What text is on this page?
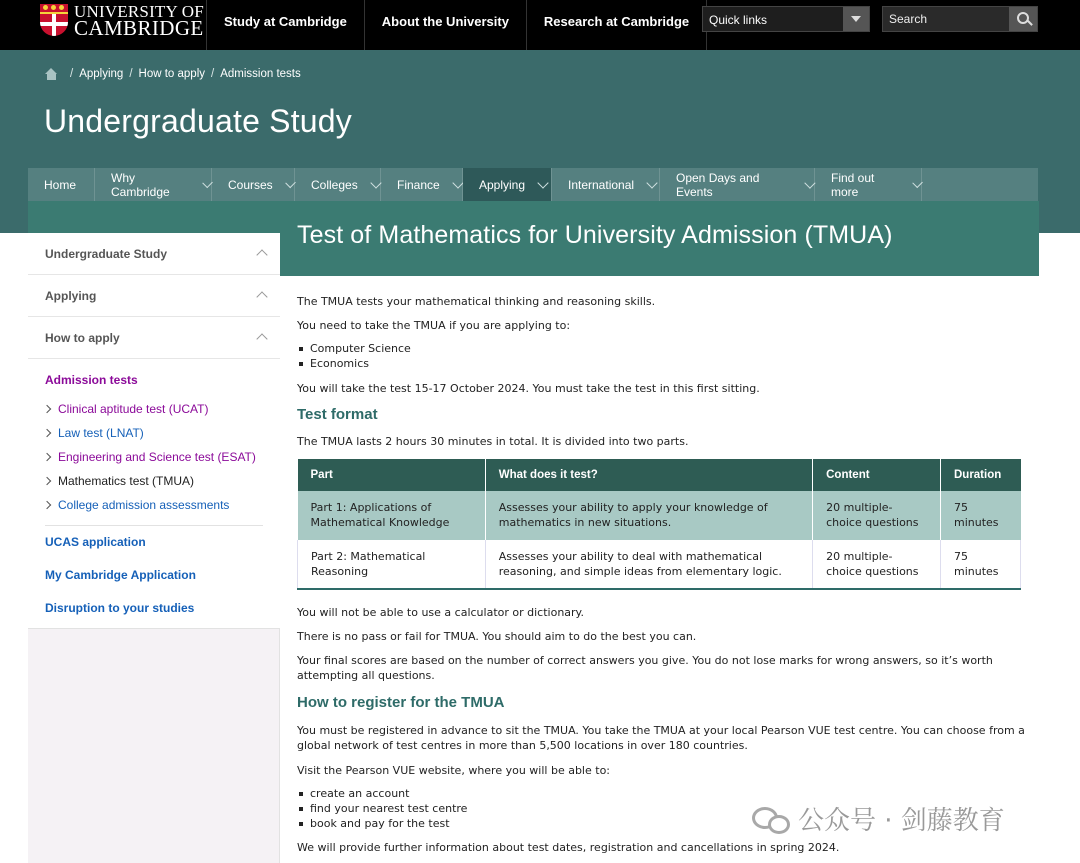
UNIVERSITY OF
CAMBRIDGE	Study at Cambridge	About the University	Research at Cambridge	Quick links
Search
/ Applying / How to apply / Admission tests
Undergraduate Study
Home	Why Cambridge	Courses	Colleges	Finance	Applying	International	Open Days and Events
Find out more
Undergraduate Study
Applying
How to apply
Admission tests
Clinical aptitude test (UCAT)
Law test (LNAT)
Engineering and Science test (ESAT)
Mathematics test (TMUA)
College admission assessments
UCAS application
My Cambridge Application
Disruption to your studies
Test of Mathematics for University Admission (TMUA)
The TMUA tests your mathematical thinking and reasoning skills.
You need to take the TMUA if you are applying to:
Computer Science
Economics
You will take the test 15-17 October 2024. You must take the test in this first sitting.
Test format
The TMUA lasts 2 hours 30 minutes in total. It is divided into two parts.
Part	What does it test?	Content	Duration
Part 1: Applications of Mathematical Knowledge	Assesses your ability to apply your knowledge of mathematics in new situations.	20 multiple-choice questions	75 minutes
Part 2: Mathematical Reasoning	Assesses your ability to deal with mathematical reasoning, and simple ideas from elementary logic.	20 multiple-choice questions	75 minutes
You will not be able to use a calculator or dictionary.
There is no pass or fail for TMUA. You should aim to do the best you can.
Your final scores are based on the number of correct answers you give. You do not lose marks for wrong answers, so it’s worth attempting all questions.
How to register for the TMUA
You must be registered in advance to sit the TMUA. You take the TMUA at your local Pearson VUE test centre. You can choose from a global network of test centres in more than 5,500 locations in over 180 countries.
Visit the Pearson VUE website, where you will be able to:
create an account
find your nearest test centre
book and pay for the test
We will provide further information about test dates, registration and cancellations in spring 2024.
公众号 · 剑藤教育
